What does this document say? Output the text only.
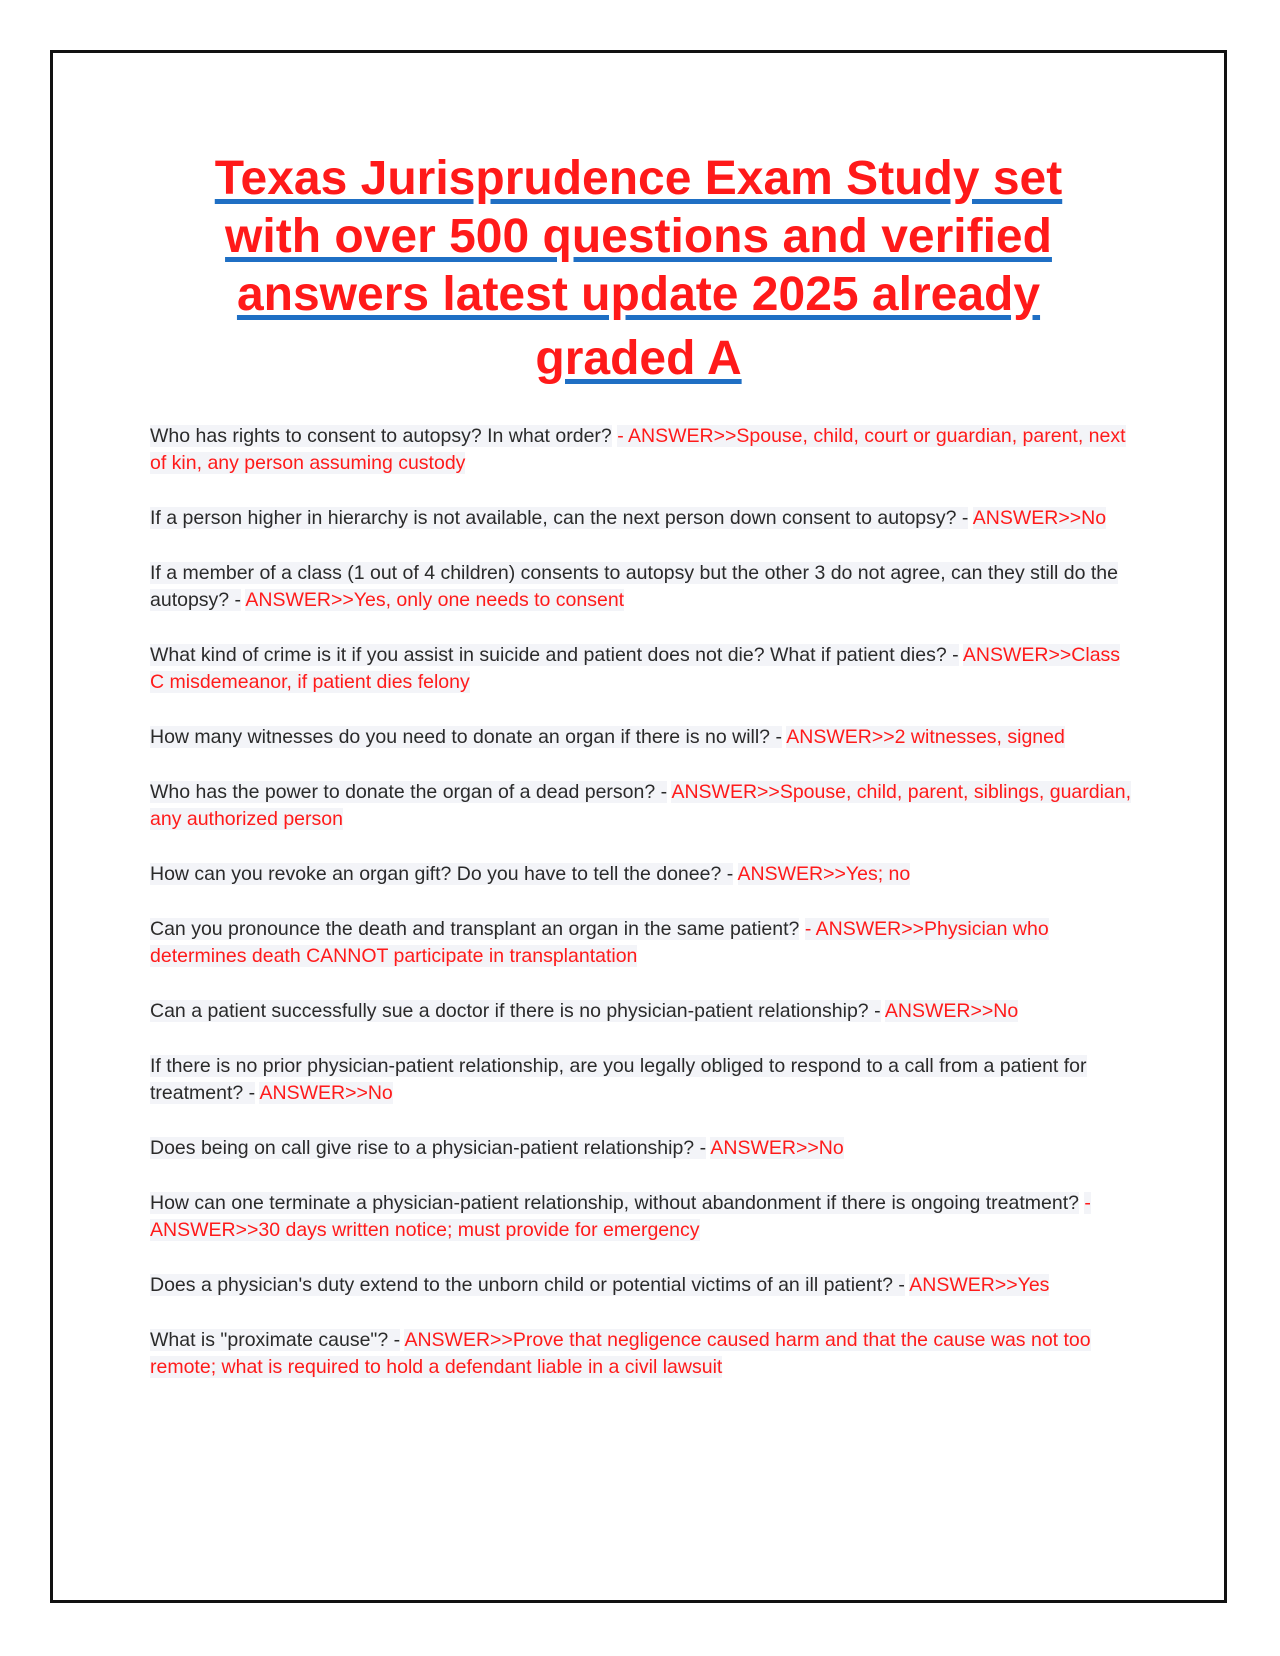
Texas Jurisprudence Exam Study set
with over 500 questions and verified
answers latest update 2025 already
graded A

Who has rights to consent to autopsy? In what order? - ANSWER>>Spouse, child, court or guardian, parent, next of kin, any person assuming custody

If a person higher in hierarchy is not available, can the next person down consent to autopsy? - ANSWER>>No

If a member of a class (1 out of 4 children) consents to autopsy but the other 3 do not agree, can they still do the autopsy? - ANSWER>>Yes, only one needs to consent

What kind of crime is it if you assist in suicide and patient does not die? What if patient dies? - ANSWER>>Class C misdemeanor, if patient dies felony

How many witnesses do you need to donate an organ if there is no will? - ANSWER>>2 witnesses, signed

Who has the power to donate the organ of a dead person? - ANSWER>>Spouse, child, parent, siblings, guardian, any authorized person

How can you revoke an organ gift? Do you have to tell the donee? - ANSWER>>Yes; no

Can you pronounce the death and transplant an organ in the same patient? - ANSWER>>Physician who determines death CANNOT participate in transplantation

Can a patient successfully sue a doctor if there is no physician-patient relationship? - ANSWER>>No

If there is no prior physician-patient relationship, are you legally obliged to respond to a call from a patient for treatment? - ANSWER>>No

Does being on call give rise to a physician-patient relationship? - ANSWER>>No

How can one terminate a physician-patient relationship, without abandonment if there is ongoing treatment? - ANSWER>>30 days written notice; must provide for emergency

Does a physician's duty extend to the unborn child or potential victims of an ill patient? - ANSWER>>Yes

What is "proximate cause"? - ANSWER>>Prove that negligence caused harm and that the cause was not too remote; what is required to hold a defendant liable in a civil lawsuit
